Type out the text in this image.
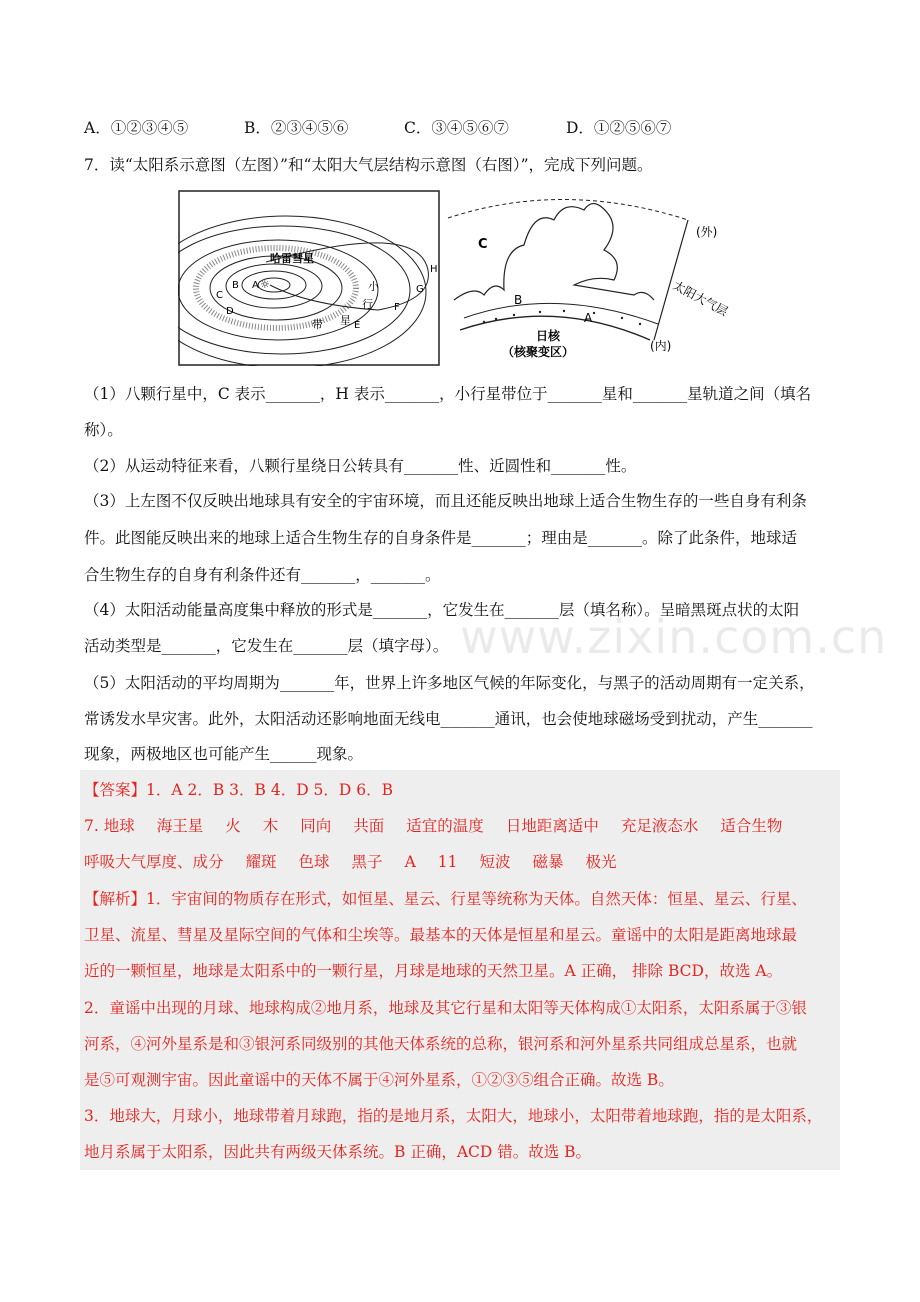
A．①②③④⑤	B．②③④⑤⑥	C．③④⑤⑥⑦	D．①②⑤⑥⑦
7．读“太阳系示意图（左图）”和“太阳大气层结构示意图（右图）”，完成下列问题。
☼
哈雷彗星
A
B
C
D
E
F
G
H
小
行
星
带
(外)
太阳大气层
(内)
C
B
A
日核
（核聚变区）
（1）八颗行星中，C 表示_______，H 表示_______，小行星带位于_______星和_______星轨道之间（填名
称）。
（2）从运动特征来看，八颗行星绕日公转具有_______性、近圆性和_______性。
（3）上左图不仅反映出地球具有安全的宇宙环境，而且还能反映出地球上适合生物生存的一些自身有利条
件。此图能反映出来的地球上适合生物生存的自身条件是_______；理由是_______。除了此条件，地球适
合生物生存的自身有利条件还有_______，_______。
（4）太阳活动能量高度集中释放的形式是_______，它发生在_______层（填名称）。呈暗黑斑点状的太阳
活动类型是_______，它发生在_______层（填字母）。
（5）太阳活动的平均周期为_______年，世界上许多地区气候的年际变化，与黑子的活动周期有一定关系，
常诱发水旱灾害。此外，太阳活动还影响地面无线电_______通讯，也会使地球磁场受到扰动，产生_______
现象，两极地区也可能产生______现象。
www.zixin.com.cn
【答案】1．A 2．B 3．B 4．D 5．D 6．B
7. 地球 海王星 火 木 同向 共面 适宜的温度 日地距离适中 充足液态水 适合生物
呼吸大气厚度、成分 耀斑 色球 黑子 A 11 短波 磁暴 极光
【解析】1．宇宙间的物质存在形式，如恒星、星云、行星等统称为天体。自然天体：恒星、星云、行星、
卫星、流星、彗星及星际空间的气体和尘埃等。最基本的天体是恒星和星云。童谣中的太阳是距离地球最
近的一颗恒星，地球是太阳系中的一颗行星，月球是地球的天然卫星。A 正确， 排除 BCD，故选 A。
2．童谣中出现的月球、地球构成②地月系，地球及其它行星和太阳等天体构成①太阳系，太阳系属于③银
河系，④河外星系是和③银河系同级别的其他天体系统的总称，银河系和河外星系共同组成总星系，也就
是⑤可观测宇宙。因此童谣中的天体不属于④河外星系，①②③⑤组合正确。故选 B。
3．地球大，月球小，地球带着月球跑，指的是地月系，太阳大，地球小，太阳带着地球跑，指的是太阳系，
地月系属于太阳系，因此共有两级天体系统。B 正确，ACD 错。故选 B。
